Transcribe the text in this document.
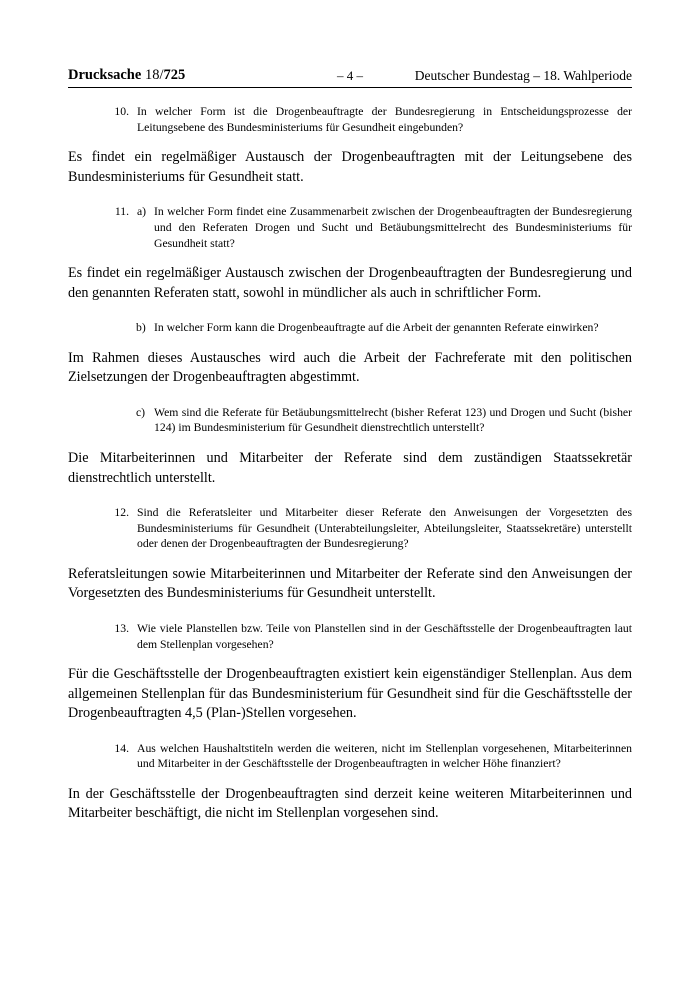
Drucksache 18/725	– 4 –	Deutscher Bundestag – 18. Wahlperiode
10. In welcher Form ist die Drogenbeauftragte der Bundesregierung in Entscheidungsprozesse der Leitungsebene des Bundesministeriums für Gesundheit eingebunden?

Es findet ein regelmäßiger Austausch der Drogenbeauftragten mit der Leitungsebene des Bundesministeriums für Gesundheit statt.

11. a) In welcher Form findet eine Zusammenarbeit zwischen der Drogenbeauftragten der Bundesregierung und den Referaten Drogen und Sucht und Betäubungsmittelrecht des Bundesministeriums für Gesundheit statt?

Es findet ein regelmäßiger Austausch zwischen der Drogenbeauftragten der Bundesregierung und den genannten Referaten statt, sowohl in mündlicher als auch in schriftlicher Form.

b) In welcher Form kann die Drogenbeauftragte auf die Arbeit der genannten Referate einwirken?

Im Rahmen dieses Austausches wird auch die Arbeit der Fachreferate mit den politischen Zielsetzungen der Drogenbeauftragten abgestimmt.

c) Wem sind die Referate für Betäubungsmittelrecht (bisher Referat 123) und Drogen und Sucht (bisher 124) im Bundesministerium für Gesundheit dienstrechtlich unterstellt?

Die Mitarbeiterinnen und Mitarbeiter der Referate sind dem zuständigen Staatssekretär dienstrechtlich unterstellt.

12. Sind die Referatsleiter und Mitarbeiter dieser Referate den Anweisungen der Vorgesetzten des Bundesministeriums für Gesundheit (Unterabteilungsleiter, Abteilungsleiter, Staatssekretäre) unterstellt oder denen der Drogenbeauftragten der Bundesregierung?

Referatsleitungen sowie Mitarbeiterinnen und Mitarbeiter der Referate sind den Anweisungen der Vorgesetzten des Bundesministeriums für Gesundheit unterstellt.

13. Wie viele Planstellen bzw. Teile von Planstellen sind in der Geschäftsstelle der Drogenbeauftragten laut dem Stellenplan vorgesehen?

Für die Geschäftsstelle der Drogenbeauftragten existiert kein eigenständiger Stellenplan. Aus dem allgemeinen Stellenplan für das Bundesministerium für Gesundheit sind für die Geschäftsstelle der Drogenbeauftragten 4,5 (Plan-)Stellen vorgesehen.

14. Aus welchen Haushaltstiteln werden die weiteren, nicht im Stellenplan vorgesehenen, Mitarbeiterinnen und Mitarbeiter in der Geschäftsstelle der Drogenbeauftragten in welcher Höhe finanziert?

In der Geschäftsstelle der Drogenbeauftragten sind derzeit keine weiteren Mitarbeiterinnen und Mitarbeiter beschäftigt, die nicht im Stellenplan vorgesehen sind.
